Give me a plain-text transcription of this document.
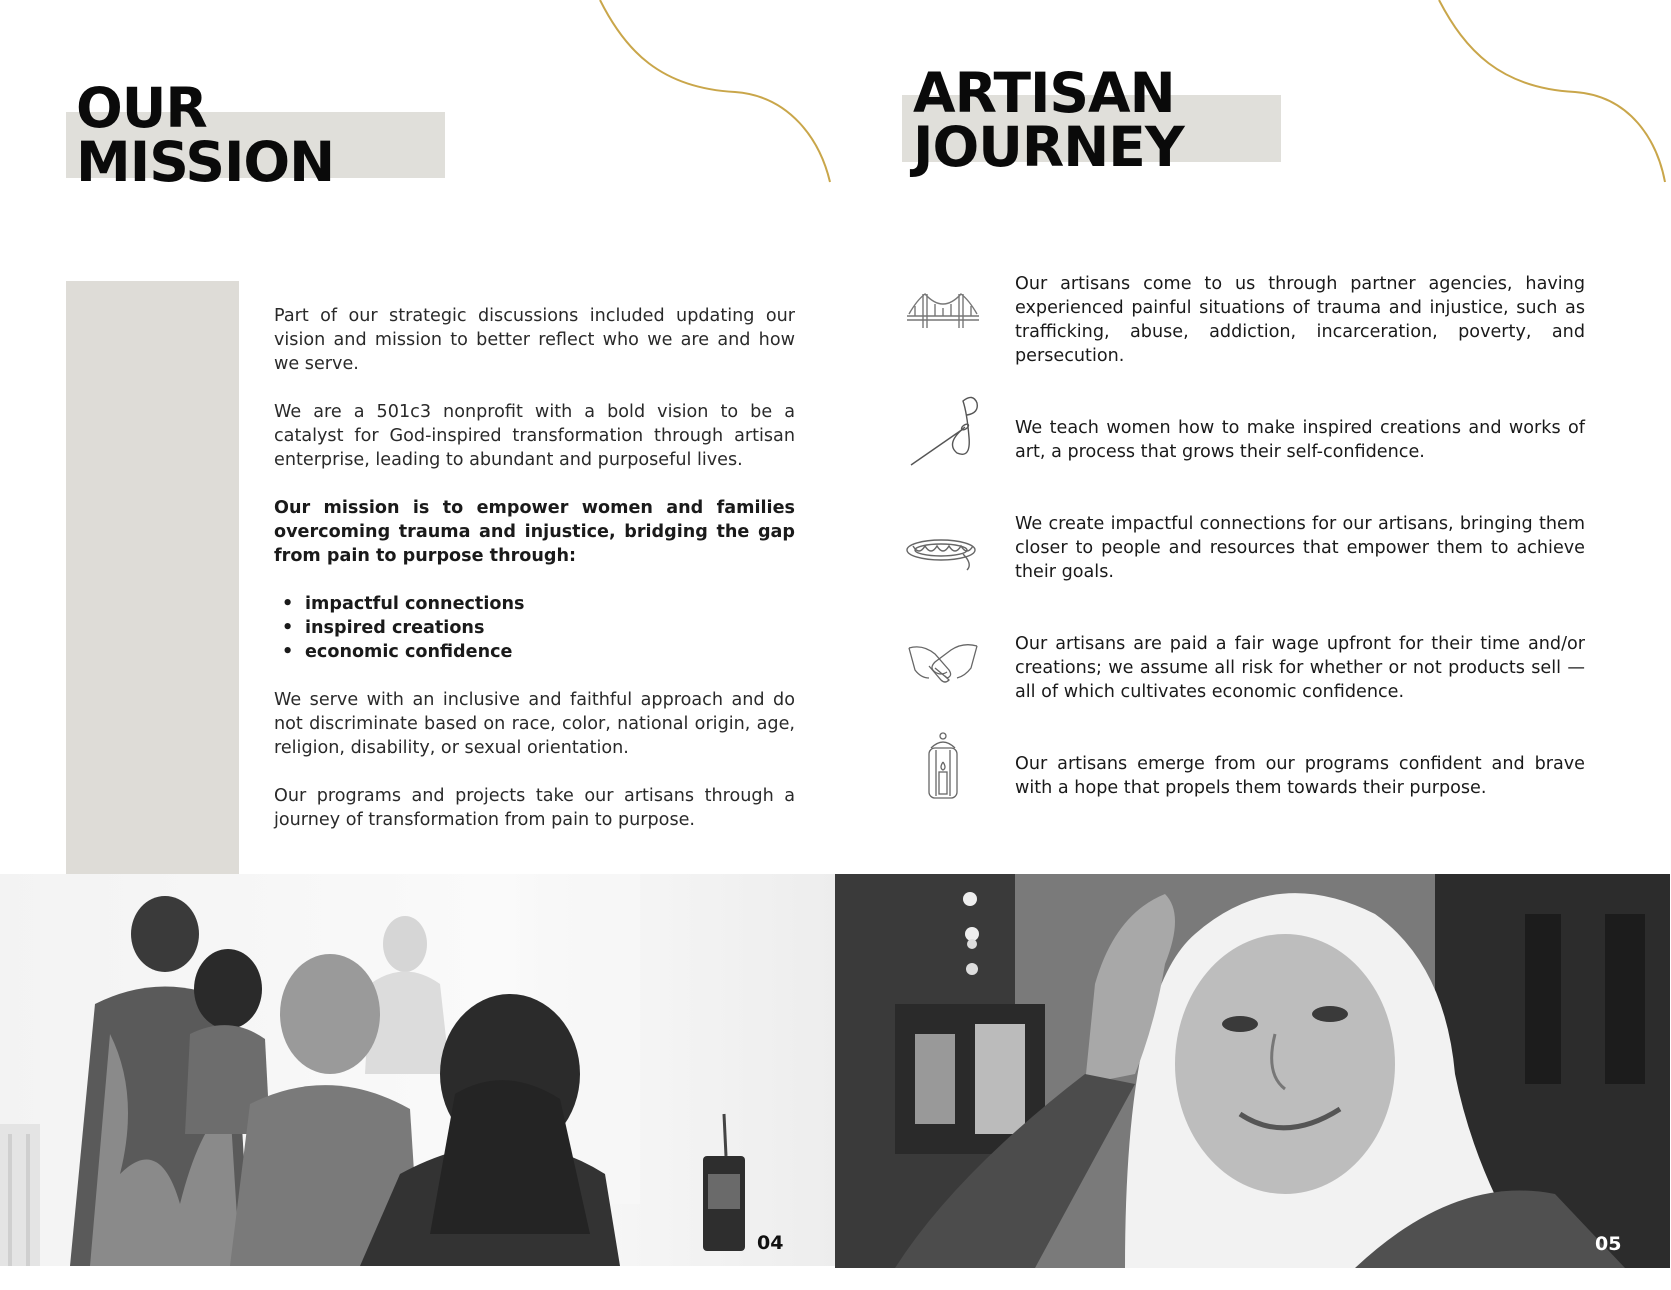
OUR
MISSION

Part of our strategic discussions included updating our vision and mission to better reflect who we are and how we serve.

We are a 501c3 nonprofit with a bold vision to be a catalyst for God-inspired transformation through artisan enterprise, leading to abundant and purposeful lives.

Our mission is to empower women and families overcoming trauma and injustice, bridging the gap from pain to purpose through:

• impactful connections
• inspired creations
• economic confidence

We serve with an inclusive and faithful approach and do not discriminate based on race, color, national origin, age, religion, disability, or sexual orientation.

Our programs and projects take our artisans through a journey of transformation from pain to purpose.

04
ARTISAN
JOURNEY

Our artisans come to us through partner agencies, having experienced painful situations of trauma and injustice, such as trafficking, abuse, addiction, incarceration, poverty, and persecution.

We teach women how to make inspired creations and works of art, a process that grows their self-confidence.

We create impactful connections for our artisans, bringing them closer to people and resources that empower them to achieve their goals.

Our artisans are paid a fair wage upfront for their time and/or creations; we assume all risk for whether or not products sell — all of which cultivates economic confidence.

Our artisans emerge from our programs confident and brave with a hope that propels them towards their purpose.

05
